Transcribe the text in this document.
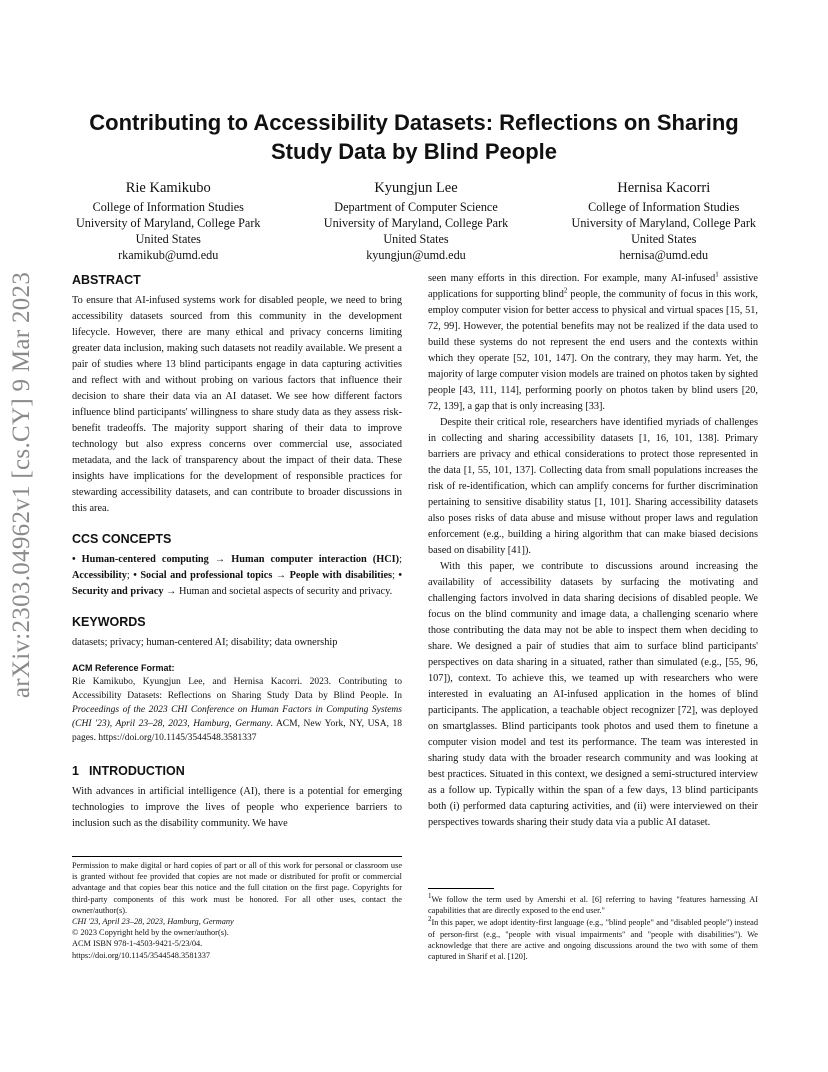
arXiv:2303.04962v1 [cs.CY] 9 Mar 2023
Contributing to Accessibility Datasets: Reflections on Sharing Study Data by Blind People
Rie Kamikubo
College of Information Studies
University of Maryland, College Park
United States
rkamikub@umd.edu
Kyungjun Lee
Department of Computer Science
University of Maryland, College Park
United States
kyungjun@umd.edu
Hernisa Kacorri
College of Information Studies
University of Maryland, College Park
United States
hernisa@umd.edu
ABSTRACT

To ensure that AI-infused systems work for disabled people, we need to bring accessibility datasets sourced from this community in the development lifecycle. However, there are many ethical and privacy concerns limiting greater data inclusion, making such datasets not readily available. We present a pair of studies where 13 blind participants engage in data capturing activities and reflect with and without probing on various factors that influence their decision to share their data via an AI dataset. We see how different factors influence blind participants' willingness to share study data as they assess risk-benefit tradeoffs. The majority support sharing of their data to improve technology but also express concerns over commercial use, associated metadata, and the lack of transparency about the impact of their data. These insights have implications for the development of responsible practices for stewarding accessibility datasets, and can contribute to broader discussions in this area.

CCS CONCEPTS

• Human-centered computing → Human computer interaction (HCI); Accessibility; • Social and professional topics → People with disabilities; • Security and privacy → Human and societal aspects of security and privacy.

KEYWORDS

datasets; privacy; human-centered AI; disability; data ownership

ACM Reference Format:

Rie Kamikubo, Kyungjun Lee, and Hernisa Kacorri. 2023. Contributing to Accessibility Datasets: Reflections on Sharing Study Data by Blind People. In Proceedings of the 2023 CHI Conference on Human Factors in Computing Systems (CHI '23), April 23–28, 2023, Hamburg, Germany. ACM, New York, NY, USA, 18 pages. https://doi.org/10.1145/3544548.3581337

1 INTRODUCTION

With advances in artificial intelligence (AI), there is a potential for emerging technologies to improve the lives of people who experience barriers to inclusion such as the disability community. We have

seen many efforts in this direction. For example, many AI-infused$^1$ assistive applications for supporting blind$^2$ people, the community of focus in this work, employ computer vision for better access to physical and virtual spaces [15, 51, 72, 99]. However, the potential benefits may not be realized if the data used to build these systems do not represent the end users and the contexts within which they operate [52, 101, 147]. On the contrary, they may harm. Yet, the majority of large computer vision models are trained on photos taken by sighted people [43, 111, 114], performing poorly on photos taken by blind users [20, 72, 139], a gap that is only increasing [33].

Despite their critical role, researchers have identified myriads of challenges in collecting and sharing accessibility datasets [1, 16, 101, 138]. Primary barriers are privacy and ethical considerations to protect those represented in the data [1, 55, 101, 137]. Collecting data from small populations increases the risk of re-identification, which can amplify concerns for further discrimination pertaining to sensitive disability status [1, 101]. Sharing accessibility datasets also poses risks of data abuse and misuse without proper laws and regulation enforcement (e.g., building a hiring algorithm that can make biased decisions based on disability [41]).

With this paper, we contribute to discussions around increasing the availability of accessibility datasets by surfacing the motivating and challenging factors involved in data sharing decisions of disabled people. We focus on the blind community and image data, a challenging scenario where those contributing the data may not be able to inspect them when deciding to share. We designed a pair of studies that aim to surface blind participants' perspectives on data sharing in a situated, rather than simulated (e.g., [55, 96, 107]), context. To achieve this, we teamed up with researchers who were interested in evaluating an AI-infused application in the homes of blind participants. The application, a teachable object recognizer [72], was deployed on smartglasses. Blind participants took photos and used them to finetune a computer vision model and test its performance. The team was interested in sharing study data with the broader research community and was looking at best practices. Situated in this context, we designed a semi-structured interview as a follow up. Typically within the span of a few days, 13 blind participants both (i) performed data capturing activities, and (ii) were interviewed on their perspectives towards sharing their study data via a public AI dataset.

Permission to make digital or hard copies of part or all of this work for personal or classroom use is granted without fee provided that copies are not made or distributed for profit or commercial advantage and that copies bear this notice and the full citation on the first page. Copyrights for third-party components of this work must be honored. For all other uses, contact the owner/author(s).
CHI '23, April 23–28, 2023, Hamburg, Germany
© 2023 Copyright held by the owner/author(s).
ACM ISBN 978-1-4503-9421-5/23/04.
https://doi.org/10.1145/3544548.3581337

$^1$We follow the term used by Amershi et al. [6] referring to having "features harnessing AI capabilities that are directly exposed to the end user."

$^2$In this paper, we adopt identity-first language (e.g., "blind people" and "disabled people") instead of person-first (e.g., "people with visual impairments" and "people with disabilities"). We acknowledge that there are active and ongoing discussions around the two with some of them captured in Sharif et al. [120].
